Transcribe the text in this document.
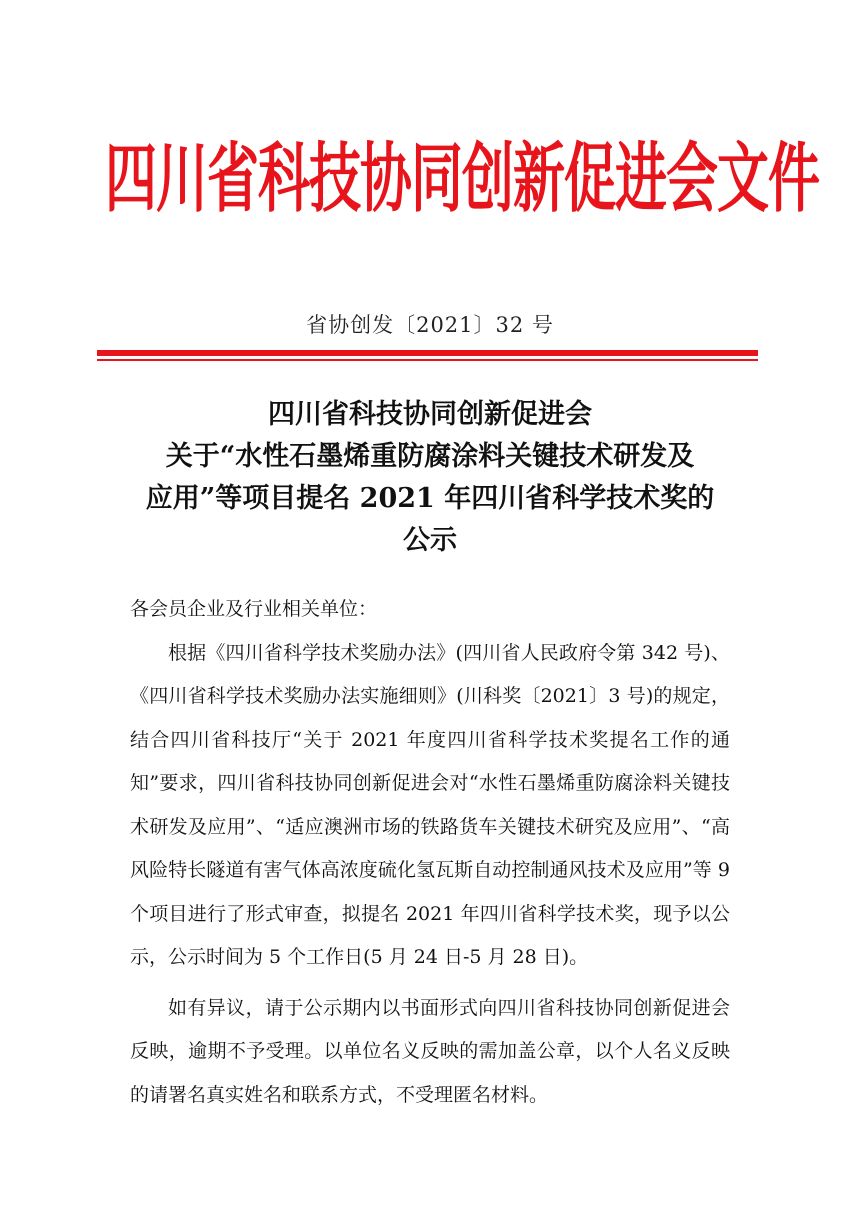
四川省科技协同创新促进会文件
省协创发〔2021〕32 号
四川省科技协同创新促进会
关于“水性石墨烯重防腐涂料关键技术研发及
应用”等项目提名 2021 年四川省科学技术奖的
公示
各会员企业及行业相关单位：

根据《四川省科学技术奖励办法》(四川省人民政府令第 342 号)、《四川省科学技术奖励办法实施细则》(川科奖〔2021〕3 号)的规定，结合四川省科技厅“关于 2021 年度四川省科学技术奖提名工作的通知”要求，四川省科技协同创新促进会对“水性石墨烯重防腐涂料关键技术研发及应用”、“适应澳洲市场的铁路货车关键技术研究及应用”、“高风险特长隧道有害气体高浓度硫化氢瓦斯自动控制通风技术及应用”等 9 个项目进行了形式审查，拟提名 2021 年四川省科学技术奖，现予以公示，公示时间为 5 个工作日(5 月 24 日-5 月 28 日)。

如有异议，请于公示期内以书面形式向四川省科技协同创新促进会反映，逾期不予受理。以单位名义反映的需加盖公章，以个人名义反映的请署名真实姓名和联系方式，不受理匿名材料。
